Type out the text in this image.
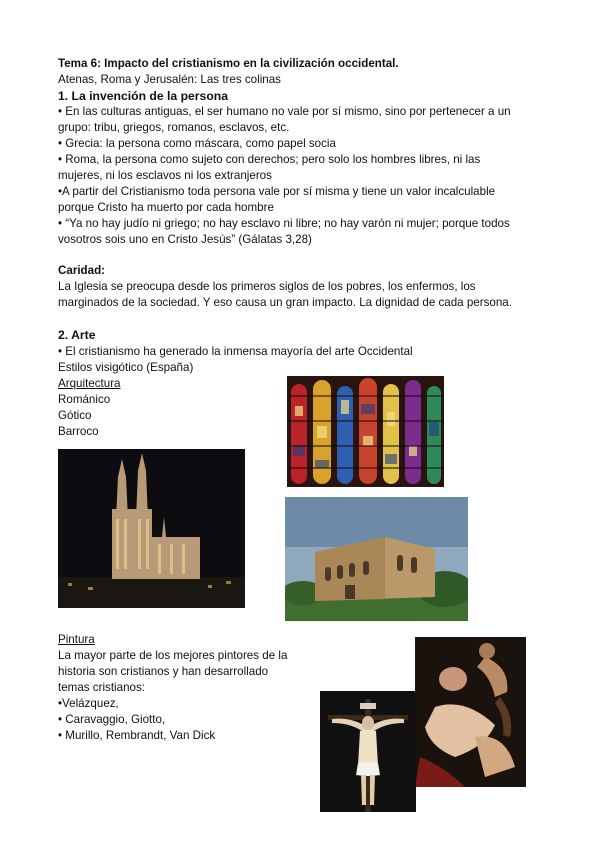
Tema 6: Impacto del cristianismo en la civilización occidental.
Atenas, Roma y Jerusalén: Las tres colinas
1. La invención de la persona
• En las culturas antiguas, el ser humano no vale por sí mismo, sino por pertenecer a un
grupo: tribu, griegos, romanos, esclavos, etc.
• Grecia: la persona como máscara, como papel socia
• Roma, la persona como sujeto con derechos; pero solo los hombres libres, ni las
mujeres, ni los esclavos ni los extranjeros
•A partir del Cristianismo toda persona vale por sí misma y tiene un valor incalculable
porque Cristo ha muerto por cada hombre
• “Ya no hay judío ni griego; no hay esclavo ni libre; no hay varón ni mujer; porque todos
vosotros sois uno en Cristo Jesús” (Gálatas 3,28)
Caridad:
La Iglesia se preocupa desde los primeros siglos de los pobres, los enfermos, los
marginados de la sociedad. Y eso causa un gran impacto. La dignidad de cada persona.
2. Arte
• El cristianismo ha generado la inmensa mayoría del arte Occidental
Estilos visigótico (España)
Arquitectura
Románico
Gótico
Barroco
Pintura
La mayor parte de los mejores pintores de la
historia son cristianos y han desarrollado
temas cristianos:
•Velázquez,
• Caravaggio, Giotto,
• Murillo, Rembrandt, Van Dick
